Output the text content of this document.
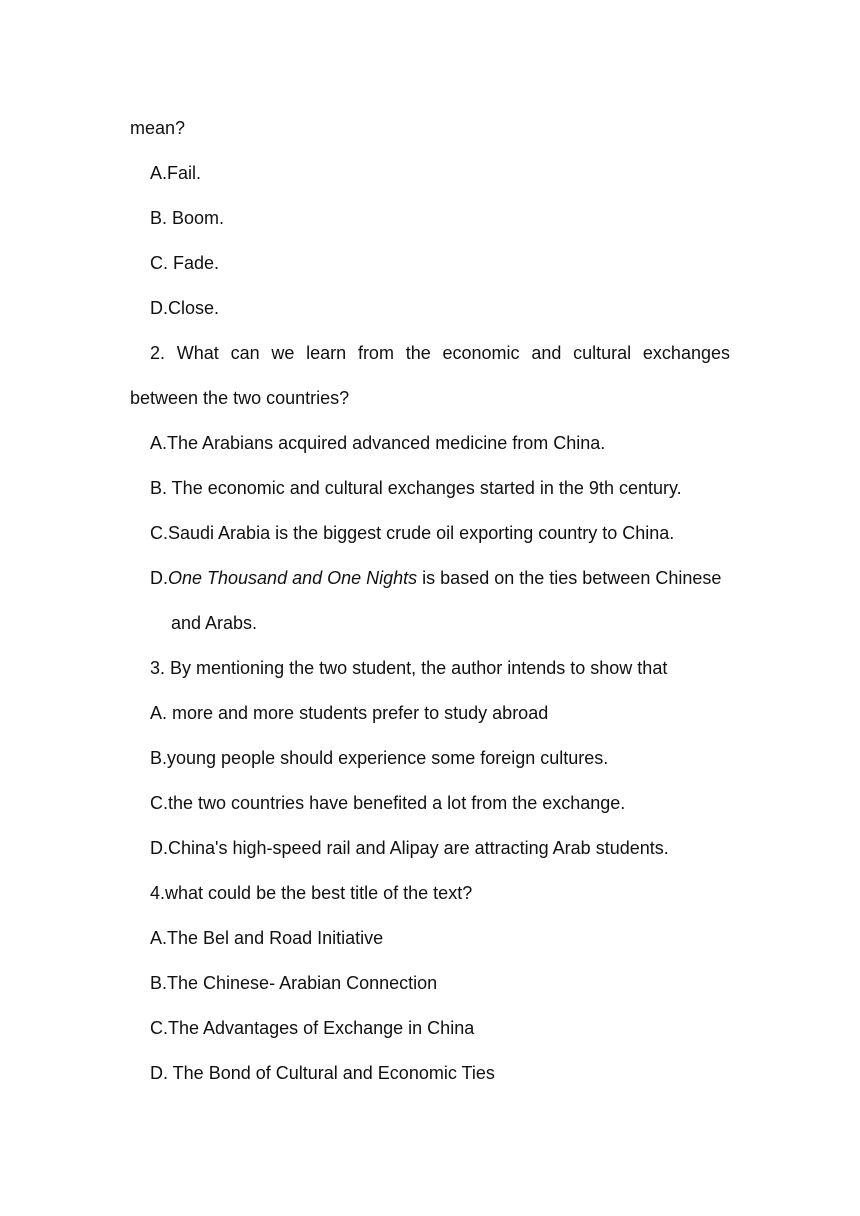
mean?
A.Fail.
B. Boom.
C. Fade.
D.Close.
2. What can we learn from the economic and cultural exchanges
between the two countries?
A.The Arabians acquired advanced medicine from China.
B. The economic and cultural exchanges started in the 9th century.
C.Saudi Arabia is the biggest crude oil exporting country to China.
D.One Thousand and One Nights is based on the ties between Chinese
and Arabs.
3. By mentioning the two student, the author intends to show that
A. more and more students prefer to study abroad
B.young people should experience some foreign cultures.
C.the two countries have benefited a lot from the exchange.
D.China's high-speed rail and Alipay are attracting Arab students.
4.what could be the best title of the text?
A.The Bel and Road Initiative
B.The Chinese- Arabian Connection
C.The Advantages of Exchange in China
D. The Bond of Cultural and Economic Ties
